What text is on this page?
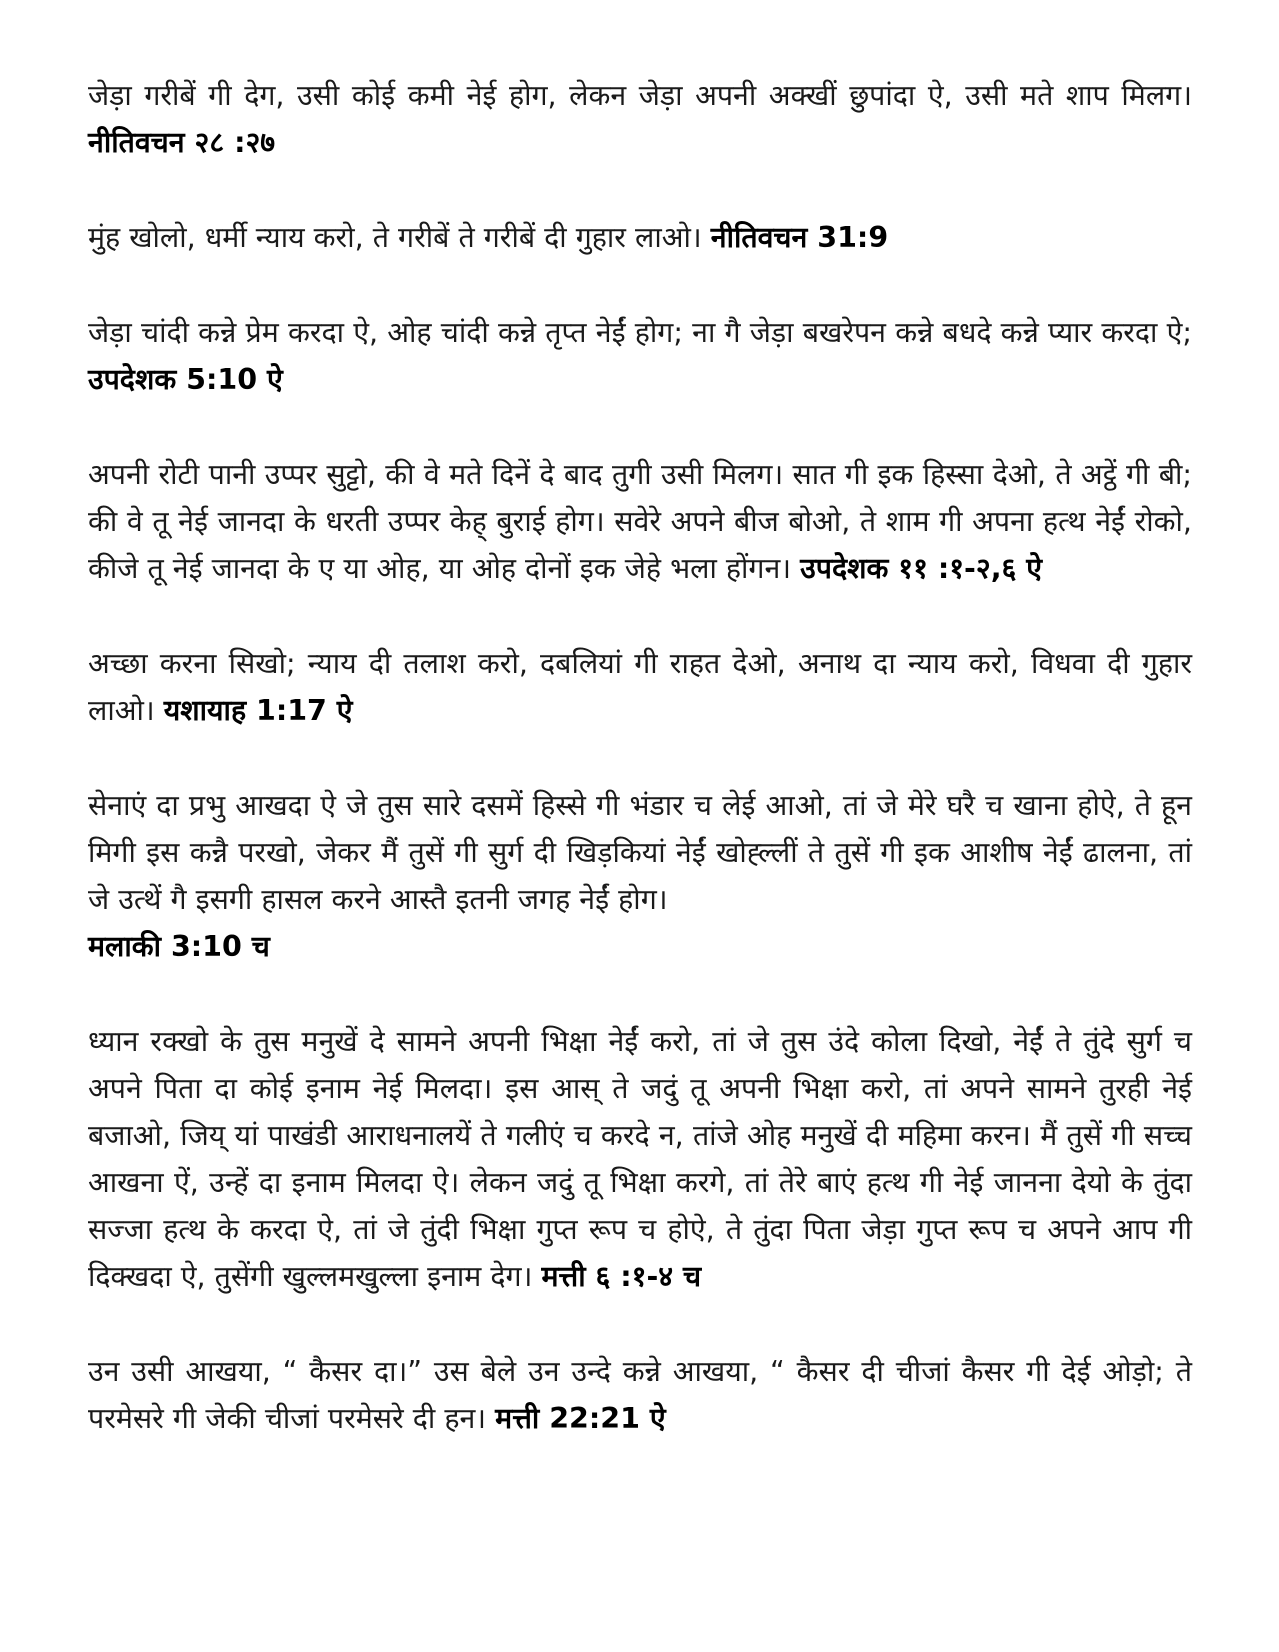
जेड़ा गरीबें गी देग, उसी कोई कमी नेई होग, लेकन जेड़ा अपनी अक्खीं छुपांदा ऐ, उसी मते शाप मिलग। नीतिवचन २८ :२७

मुंह खोलो, धर्मी न्याय करो, ते गरीबें ते गरीबें दी गुहार लाओ। नीतिवचन 31:9

जेड़ा चांदी कन्ने प्रेम करदा ऐ, ओह चांदी कन्ने तृप्त नेईं होग; ना गै जेड़ा बखरेपन कन्ने बधदे कन्ने प्यार करदा ऐ; उपदेशक 5:10 ऐ

अपनी रोटी पानी उप्पर सुट्टो, की वे मते दिनें दे बाद तुगी उसी मिलग। सात गी इक हिस्सा देओ, ते अट्ठें गी बी; की वे तू नेई जानदा के धरती उप्पर केह् बुराई होग। सवेरे अपने बीज बोओ, ते शाम गी अपना हत्थ नेईं रोको, कीजे तू नेई जानदा के ए या ओह, या ओह दोनों इक जेहे भला होंगन। उपदेशक ११ :१-२,६ ऐ

अच्छा करना सिखो; न्याय दी तलाश करो, दबलियां गी राहत देओ, अनाथ दा न्याय करो, विधवा दी गुहार लाओ। यशायाह 1:17 ऐ

सेनाएं दा प्रभु आखदा ऐ जे तुस सारे दसमें हिस्से गी भंडार च लेई आओ, तां जे मेरे घरै च खाना होऐ, ते हून मिगी इस कन्नै परखो, जेकर मैं तुसें गी सुर्ग दी खिड़कियां नेईं खोह्ल्लीं ते तुसें गी इक आशीष नेईं ढालना, तां जे उत्थें गै इसगी हासल करने आस्तै इतनी जगह नेईं होग।
मलाकी 3:10 च

ध्यान रक्खो के तुस मनुखें दे सामने अपनी भिक्षा नेईं करो, तां जे तुस उंदे कोला दिखो, नेईं ते तुंदे सुर्ग च अपने पिता दा कोई इनाम नेई मिलदा। इस आस् ते जदुं तू अपनी भिक्षा करो, तां अपने सामने तुरही नेई बजाओ, जिय् यां पाखंडी आराधनालयें ते गलीएं च करदे न, तांजे ओह मनुखें दी महिमा करन। मैं तुसें गी सच्च आखना ऐं, उन्हें दा इनाम मिलदा ऐ। लेकन जदुं तू भिक्षा करगे, तां तेरे बाएं हत्थ गी नेई जानना देयो के तुंदा सज्जा हत्थ के करदा ऐ, तां जे तुंदी भिक्षा गुप्त रूप च होऐ, ते तुंदा पिता जेड़ा गुप्त रूप च अपने आप गी दिक्खदा ऐ, तुसेंगी खुल्लमखुल्ला इनाम देग। मत्ती ६ :१-४ च

उन उसी आखया, “ कैसर दा।” उस बेले उन उन्दे कन्ने आखया, “ कैसर दी चीजां कैसर गी देई ओड़ो; ते परमेसरे गी जेकी चीजां परमेसरे दी हन। मत्ती 22:21 ऐ
